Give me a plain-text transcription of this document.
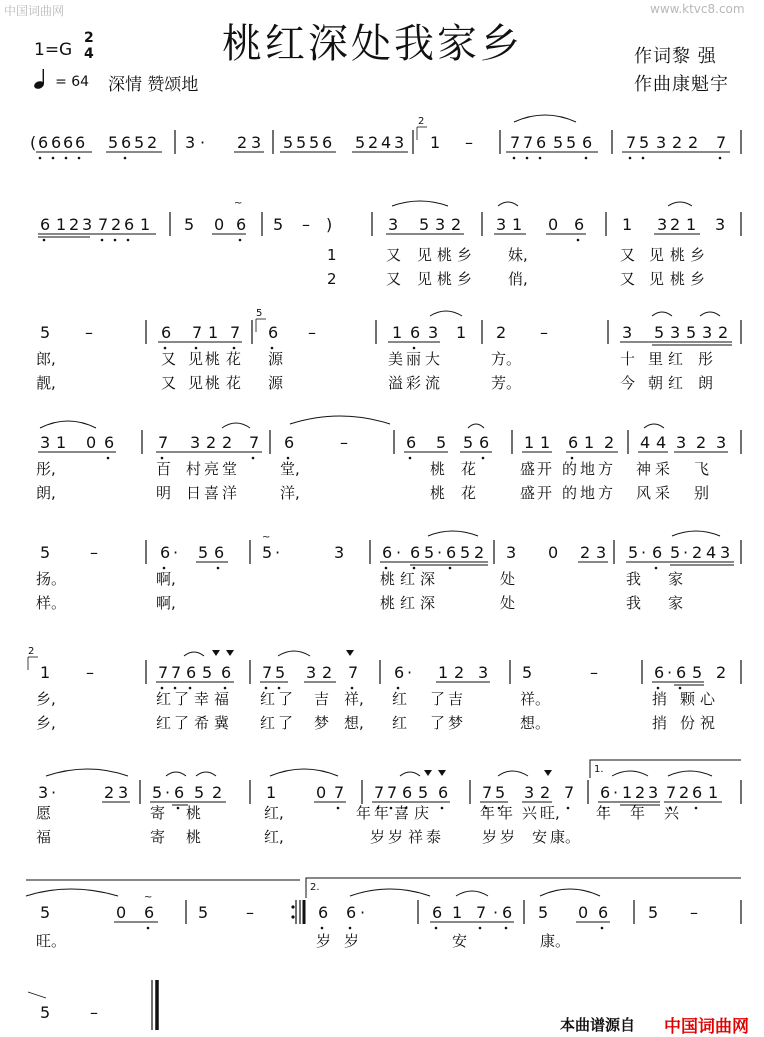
中国词曲网	www.ktvc8.com
桃红深处我家乡
1=G
2
4
= 64 深情 赞颂地
作词黎 强
作曲康魁宇
1.
2.
2
5
2
~
~
~
( 6 6 6 6 5 6 5 2 3 · 2 3 5 5 5 6 5 2 4 3 1 – 7 7 6 5 5 6 7 5 3 2 2 7
6 1 2 3 7 2 6 1 5 0 6 5 – )	3 5 3 2 3 1 0 6 1 3 2 1 3
5 –	6 7 1 7 6 –	1 6 3 1 2 –	3 5 3 5 3 2
3 1 0 6	7 3 2 2 7 6	–	6 5 5 6 1 1 6 1 2 4 4 3 2 3
5 –	6 · 5 6 5 ·	3 6 · 6 5 · 6 5 2 3 0 2 3 5 · 6 5 · 2 4 3
1 –	7 7 6 5 6 7 5 3 2 7 6 · 1 2 3 5	–	6 · 6 5 2
3 ·	2 3 5 · 6 5 2	1 0 7 7 7 6 5 6 7 5 3 2 7 6 · 1 2 3 7 2 6 1
5	0 6	5 –	6 6 ·	6 1 7 · 6 5 0 6 5 –
5 –
1	又 见 桃 乡 妹,	又 见 桃 乡
2	又 见 桃 乡 俏,	又 见 桃 乡
郎,	又 见 桃 花 源	美 丽 大	方。	十 里 红 彤
靓,	又 见 桃 花 源	溢 彩 流	芳。	今 朝 红 朗
彤,	百 村 亮 堂	堂,	桃 花	盛 开 的 地 方 神 采 飞
朗,	明 日 喜 洋	洋,	桃 花	盛 开 的 地 方 风 采 别
扬。	啊,	桃 红 深	处	我 家
样。	啊,	桃 红 深	处	我 家
乡,	红 了 幸 福 红 了 吉 祥, 红 了 吉	祥。	捎 颗 心
乡,	红 了 希 冀 红 了 梦 想, 红 了 梦	想。	捎 份 祝
愿	寄 桃	红,	年 年 喜 庆	年 年 兴 旺, 年 年 兴
福	寄 桃	红,	岁 岁 祥 泰	岁 岁 安 康。
旺。	岁 岁	安	康。
本曲谱源自 中国词曲网
